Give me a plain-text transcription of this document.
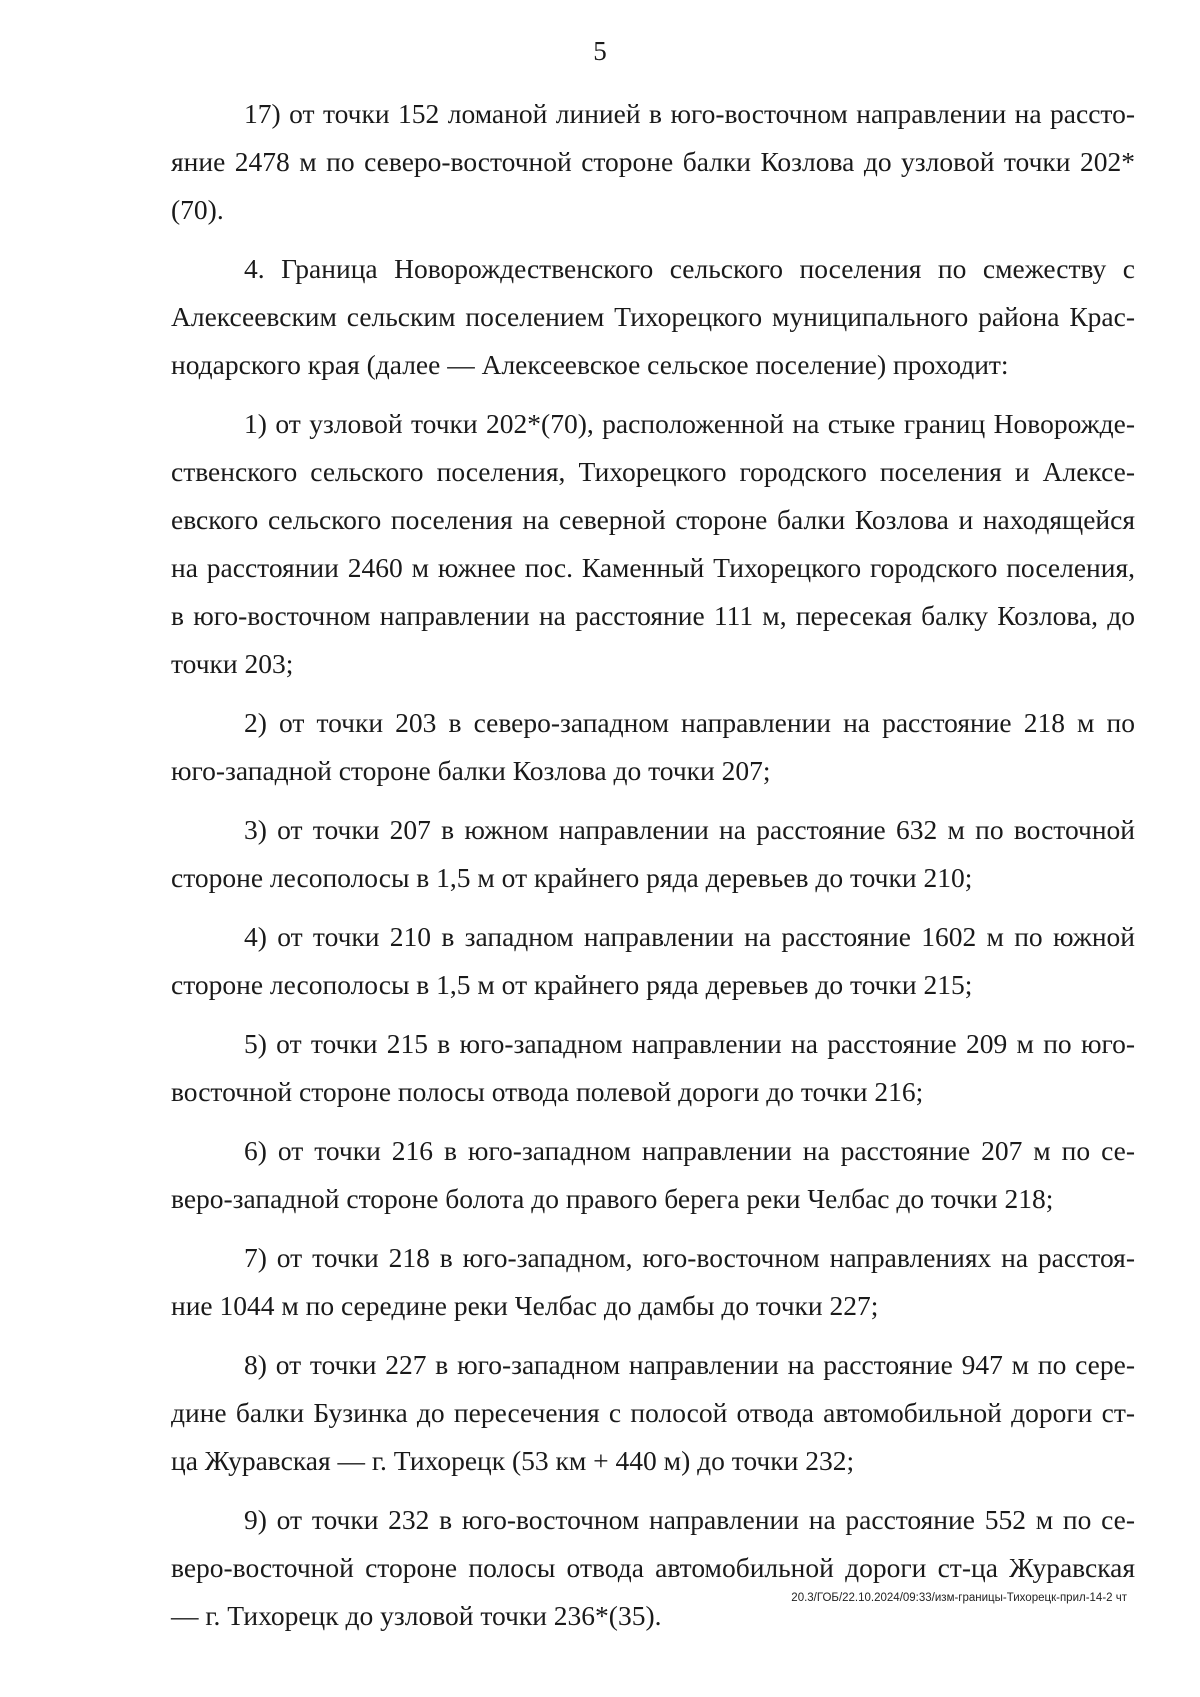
5

17) от точки 152 ломаной линией в юго-восточном направлении на расстояние 2478 м по северо-восточной стороне балки Козлова до узловой точки 202*(70).

4. Граница Новорождественского сельского поселения по смежеству с Алексеевским сельским поселением Тихорецкого муниципального района Краснодарского края (далее — Алексеевское сельское поселение) проходит:

1) от узловой точки 202*(70), расположенной на стыке границ Новорождественского сельского поселения, Тихорецкого городского поселения и Алексеевского сельского поселения на северной стороне балки Козлова и находящейся на расстоянии 2460 м южнее пос. Каменный Тихорецкого городского поселения, в юго-восточном направлении на расстояние 111 м, пересекая балку Козлова, до точки 203;

2) от точки 203 в северо-западном направлении на расстояние 218 м по юго-западной стороне балки Козлова до точки 207;

3) от точки 207 в южном направлении на расстояние 632 м по восточной стороне лесополосы в 1,5 м от крайнего ряда деревьев до точки 210;

4) от точки 210 в западном направлении на расстояние 1602 м по южной стороне лесополосы в 1,5 м от крайнего ряда деревьев до точки 215;

5) от точки 215 в юго-западном направлении на расстояние 209 м по юго-восточной стороне полосы отвода полевой дороги до точки 216;

6) от точки 216 в юго-западном направлении на расстояние 207 м по северо-западной стороне болота до правого берега реки Челбас до точки 218;

7) от точки 218 в юго-западном, юго-восточном направлениях на расстояние 1044 м по середине реки Челбас до дамбы до точки 227;

8) от точки 227 в юго-западном направлении на расстояние 947 м по середине балки Бузинка до пересечения с полосой отвода автомобильной дороги ст-ца Журавская — г. Тихорецк (53 км + 440 м) до точки 232;

9) от точки 232 в юго-восточном направлении на расстояние 552 м по северо-восточной стороне полосы отвода автомобильной дороги ст-ца Журавская — г. Тихорецк до узловой точки 236*(35).

20.3/ГОБ/22.10.2024/09:33/изм-границы-Тихорецк-прил-14-2 чт
